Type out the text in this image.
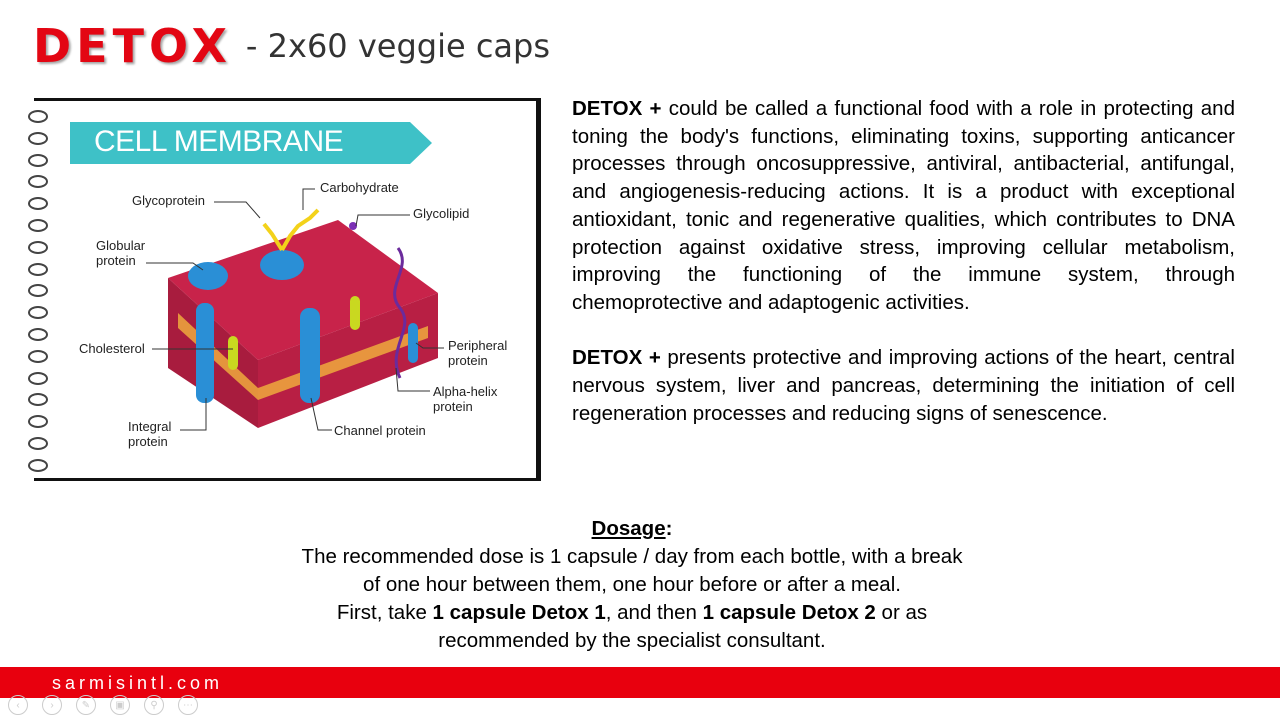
DETOX - 2x60 veggie caps
CELL MEMBRANE
Glycoprotein
Carbohydrate
Glycolipid
Globular
protein
Cholesterol	Peripheral
protein
Alpha-helix
protein
Integral
protein
Channel protein

DETOX + could be called a functional food with a role in protecting and toning the body's functions, eliminating toxins, supporting anticancer processes through oncosuppressive, antiviral, antibacterial, antifungal, and angiogenesis-reducing actions. It is a product with exceptional antioxidant, tonic and regenerative qualities, which contributes to DNA protection against oxidative stress, improving cellular metabolism, improving the functioning of the immune system, through chemoprotective and adaptogenic activities.

DETOX + presents protective and improving actions of the heart, central nervous system, liver and pancreas, determining the initiation of cell regeneration processes and reducing signs of senescence.

Dosage:
The recommended dose is 1 capsule / day from each bottle, with a break
of one hour between them, one hour before or after a meal.
First, take 1 capsule Detox 1, and then 1 capsule Detox 2 or as
recommended by the specialist consultant.
sarmisintl.com
‹	›	✎	▣	⚲	⋯
